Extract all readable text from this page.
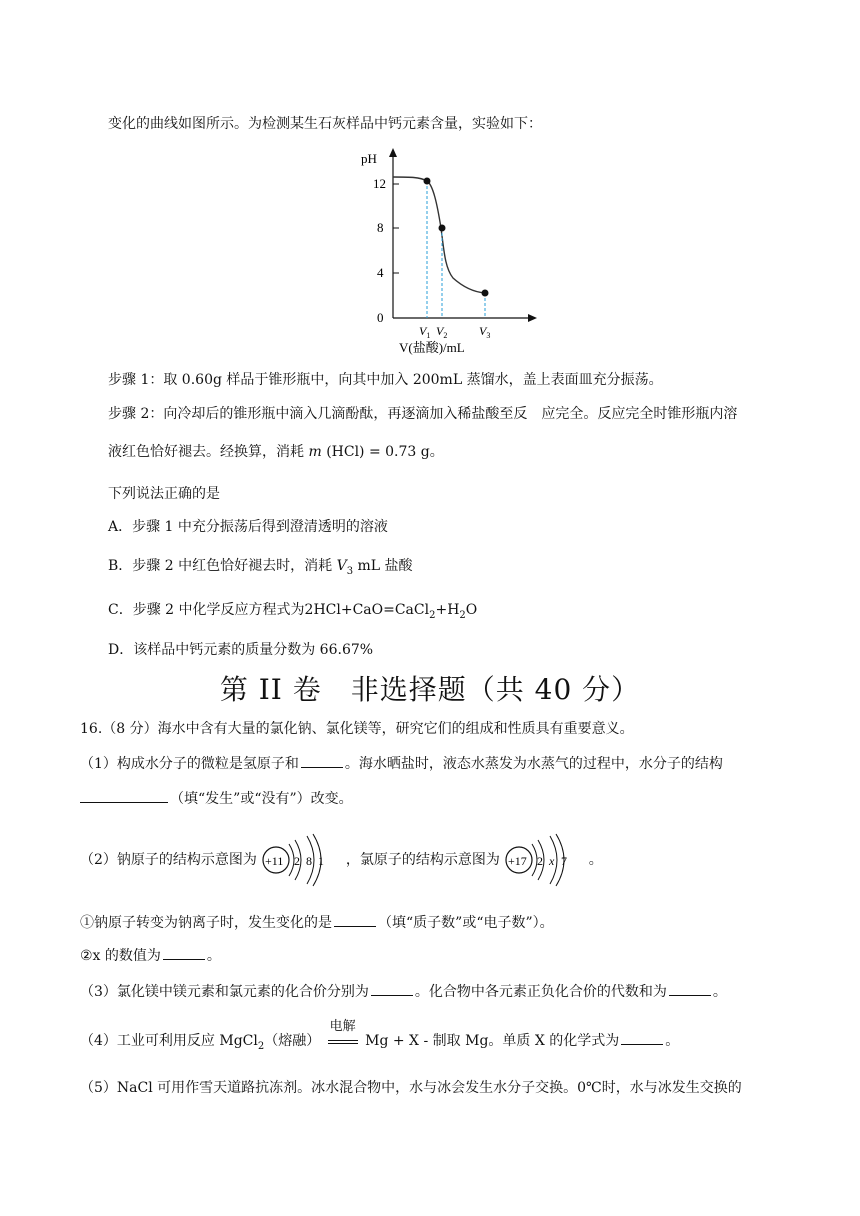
变化的曲线如图所示。为检测某生石灰样品中钙元素含量，实验如下：
pH
12
8
4
0
$V_1$ $V_2$	$V_3$
V(盐酸)/mL
步骤 1：取 0.60g 样品于锥形瓶中，向其中加入 200mL 蒸馏水，盖上表面皿充分振荡。
步骤 2：向冷却后的锥形瓶中滴入几滴酚酞，再逐滴加入稀盐酸至反　应完全。反应完全时锥形瓶内溶
液红色恰好褪去。经换算，消耗 m (HCl) = 0.73 g。
下列说法正确的是
A．步骤 1 中充分振荡后得到澄清透明的溶液
B．步骤 2 中红色恰好褪去时，消耗 $V_3$ mL 盐酸
C．步骤 2 中化学反应方程式为$2HCl+CaO=CaCl_2+H_2O$
D．该样品中钙元素的质量分数为 66.67%
第 II 卷　非选择题（共 40 分）
16.（8 分）海水中含有大量的氯化钠、氯化镁等，研究它们的组成和性质具有重要意义。
（1）构成水分子的微粒是氢原子和	。海水晒盐时，液态水蒸发为水蒸气的过程中，水分子的结构
（填“发生”或“没有”）改变。
（2）钠原子的结构示意图为 +11 2 8 1 ，氯原子的结构示意图为 +17 2 x 7 。
①钠原子转变为钠离子时，发生变化的是	（填“质子数”或“电子数”）。
②x 的数值为	。
（3）氯化镁中镁元素和氯元素的化合价分别为	。化合物中各元素正负化合价的代数和为	。
（4）工业可利用反应 MgCl$_2$（熔融）
电解
Mg + X - 制取 Mg。单质 X 的化学式为	。
（5）NaCl 可用作雪天道路抗冻剂。冰水混合物中，水与冰会发生水分子交换。0℃时，水与冰发生交换的
